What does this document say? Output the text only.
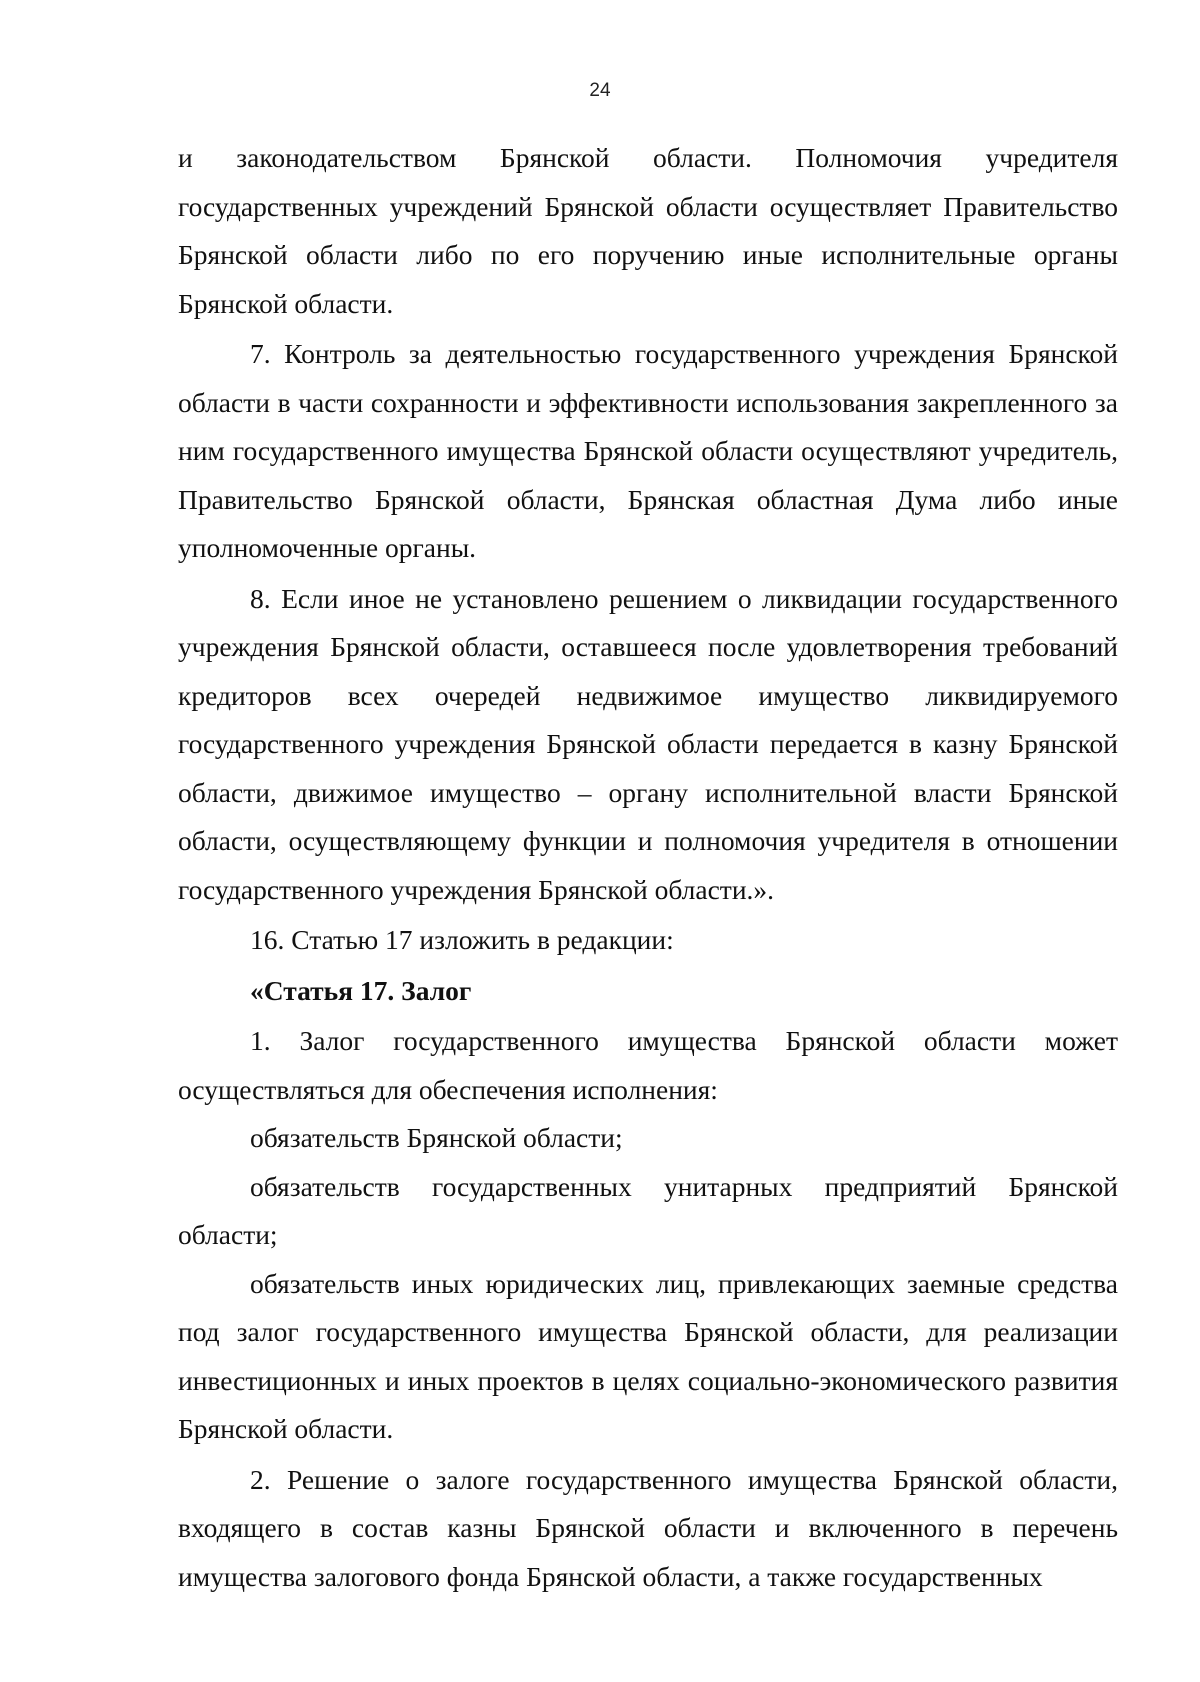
24

и законодательством Брянской области. Полномочия учредителя государственных учреждений Брянской области осуществляет Правительство Брянской области либо по его поручению иные исполнительные органы Брянской области.

7. Контроль за деятельностью государственного учреждения Брянской области в части сохранности и эффективности использования закрепленного за ним государственного имущества Брянской области осуществляют учредитель, Правительство Брянской области, Брянская областная Дума либо иные уполномоченные органы.

8. Если иное не установлено решением о ликвидации государственного учреждения Брянской области, оставшееся после удовлетворения требований кредиторов всех очередей недвижимое имущество ликвидируемого государственного учреждения Брянской области передается в казну Брянской области, движимое имущество – органу исполнительной власти Брянской области, осуществляющему функции и полномочия учредителя в отношении государственного учреждения Брянской области.».

16. Статью 17 изложить в редакции:

«Статья 17. Залог

1. Залог государственного имущества Брянской области может осуществляться для обеспечения исполнения:

обязательств Брянской области;

обязательств государственных унитарных предприятий Брянской области;

обязательств иных юридических лиц, привлекающих заемные средства под залог государственного имущества Брянской области, для реализации инвестиционных и иных проектов в целях социально-экономического развития Брянской области.

2. Решение о залоге государственного имущества Брянской области, входящего в состав казны Брянской области и включенного в перечень имущества залогового фонда Брянской области, а также государственных
